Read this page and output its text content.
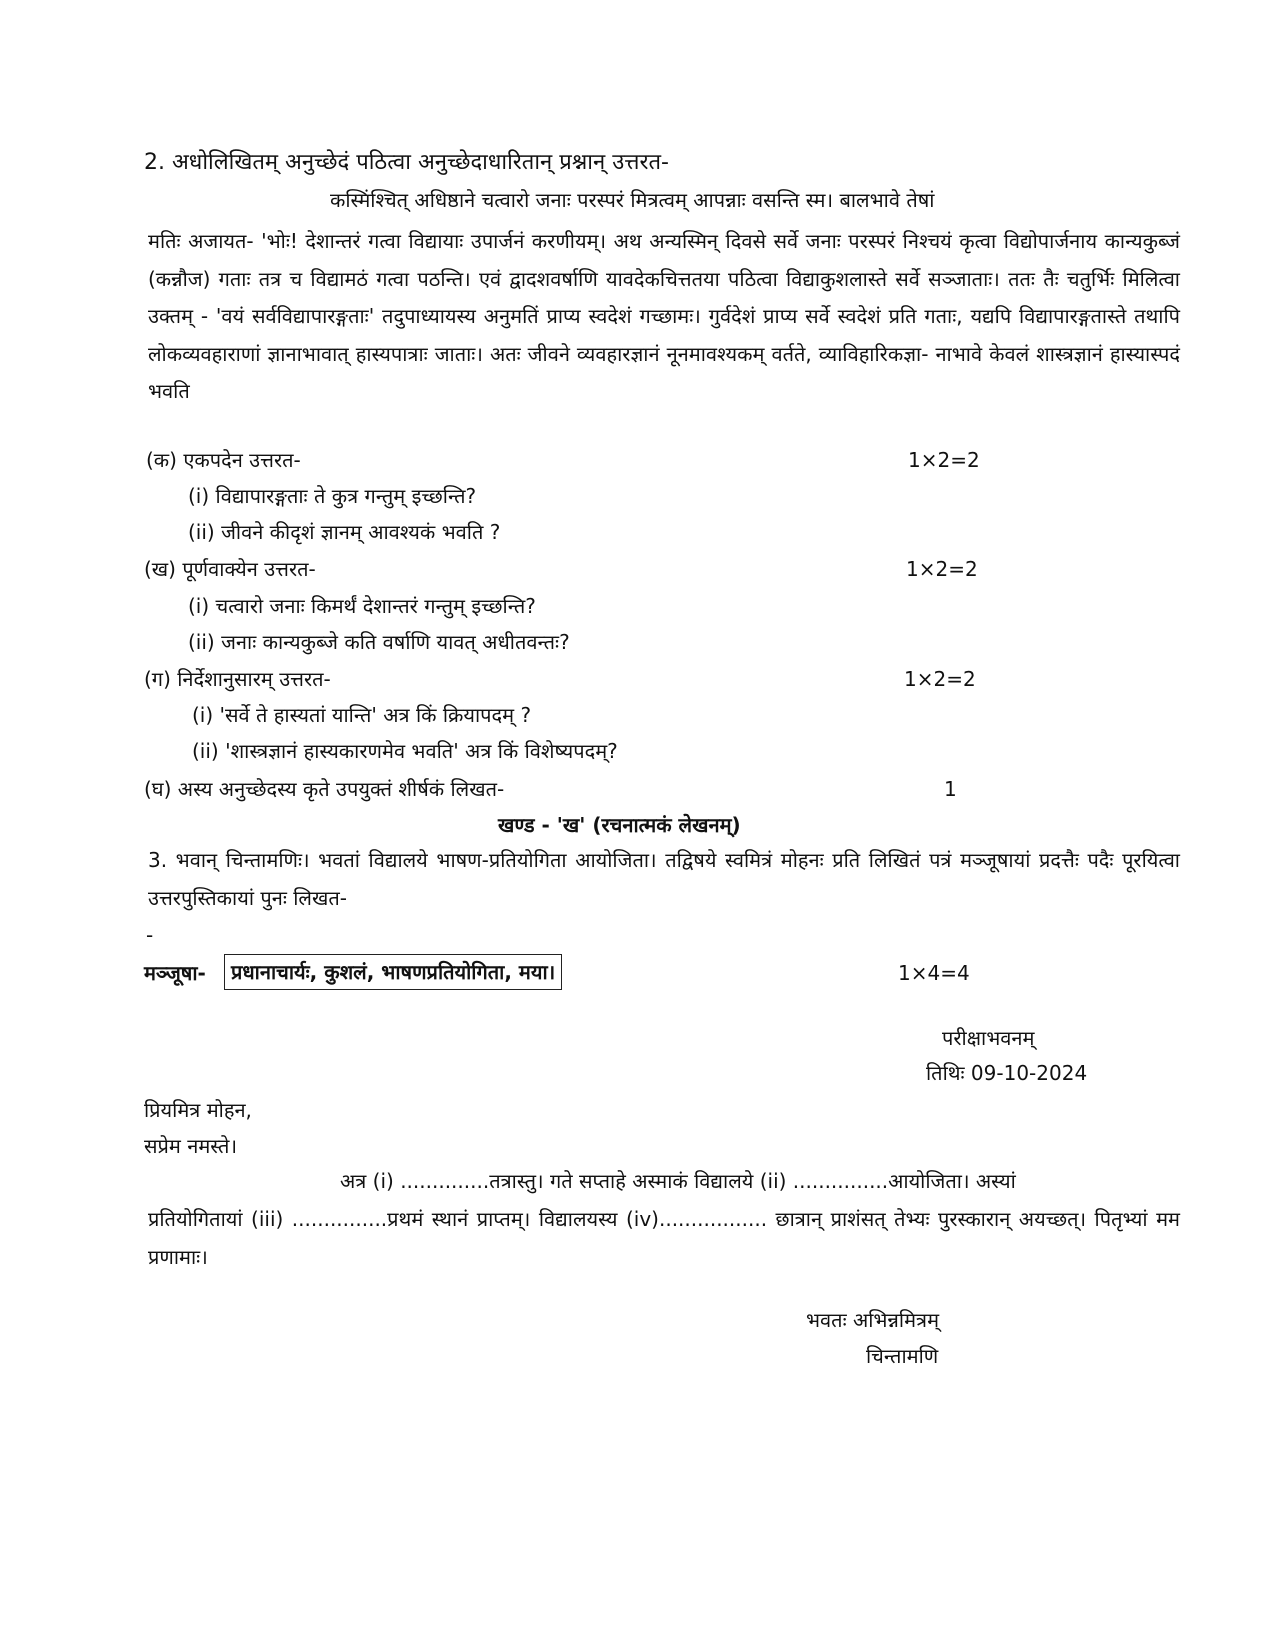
2. अधोलिखितम् अनुच्छेदं पठित्वा अनुच्छेदाधारितान् प्रश्नान् उत्तरत-
कस्मिंश्चित् अधिष्ठाने चत्वारो जनाः परस्परं मित्रत्वम् आपन्नाः वसन्ति स्म। बालभावे तेषां
मतिः अजायत- 'भोः! देशान्तरं गत्वा विद्यायाः उपार्जनं करणीयम्। अथ अन्यस्मिन् दिवसे सर्वे जनाः परस्परं निश्चयं कृत्वा विद्योपार्जनाय कान्यकुब्जं (कन्नौज) गताः तत्र च विद्यामठं गत्वा पठन्ति। एवं द्वादशवर्षाणि यावदेकचित्ततया पठित्वा विद्याकुशलास्ते सर्वे सञ्जाताः। ततः तैः चतुर्भिः मिलित्वा उक्तम् - 'वयं सर्वविद्यापारङ्गताः' तदुपाध्यायस्य अनुमतिं प्राप्य स्वदेशं गच्छामः। गुर्वदेशं प्राप्य सर्वे स्वदेशं प्रति गताः, यद्यपि विद्यापारङ्गतास्ते तथापि लोकव्यवहाराणां ज्ञानाभावात् हास्यपात्राः जाताः। अतः जीवने व्यवहारज्ञानं नूनमावश्यकम् वर्तते, व्याविहारिकज्ञा- नाभावे केवलं शास्त्रज्ञानं हास्यास्पदं भवति
(क) एकपदेन उत्तरत-	1×2=2
(i) विद्यापारङ्गताः ते कुत्र गन्तुम् इच्छन्ति?
(ii) जीवने कीदृशं ज्ञानम् आवश्यकं भवति ?
(ख) पूर्णवाक्येन उत्तरत-	1×2=2
(i) चत्वारो जनाः किमर्थं देशान्तरं गन्तुम् इच्छन्ति?
(ii) जनाः कान्यकुब्जे कति वर्षाणि यावत् अधीतवन्तः?
(ग) निर्देशानुसारम् उत्तरत-	1×2=2
(i) 'सर्वे ते हास्यतां यान्ति' अत्र किं क्रियापदम् ?
(ii) 'शास्त्रज्ञानं हास्यकारणमेव भवति' अत्र किं विशेष्यपदम्?
(घ) अस्य अनुच्छेदस्य कृते उपयुक्तं शीर्षकं लिखत-	1
खण्ड - 'ख' (रचनात्मकं लेखनम्)
3. भवान् चिन्तामणिः। भवतां विद्यालये भाषण-प्रतियोगिता आयोजिता। तद्विषये स्वमित्रं मोहनः प्रति लिखितं पत्रं मञ्जूषायां प्रदत्तैः पदैः पूरयित्वा उत्तरपुस्तिकायां पुनः लिखत-
-
मञ्जूषा-	प्रधानाचार्यः, कुशलं, भाषणप्रतियोगिता, मया।	1×4=4
परीक्षाभवनम्
तिथिः 09-10-2024
प्रियमित्र मोहन,
सप्रेम नमस्ते।
अत्र (i) ..............तत्रास्तु। गते सप्ताहे अस्माकं विद्यालये (ii) ...............आयोजिता। अस्यां
प्रतियोगितायां (iii) ...............प्रथमं स्थानं प्राप्तम्। विद्यालयस्य (iv)................. छात्रान् प्राशंसत् तेभ्यः पुरस्कारान् अयच्छत्। पितृभ्यां मम प्रणामाः।
भवतः अभिन्नमित्रम्
चिन्तामणि
